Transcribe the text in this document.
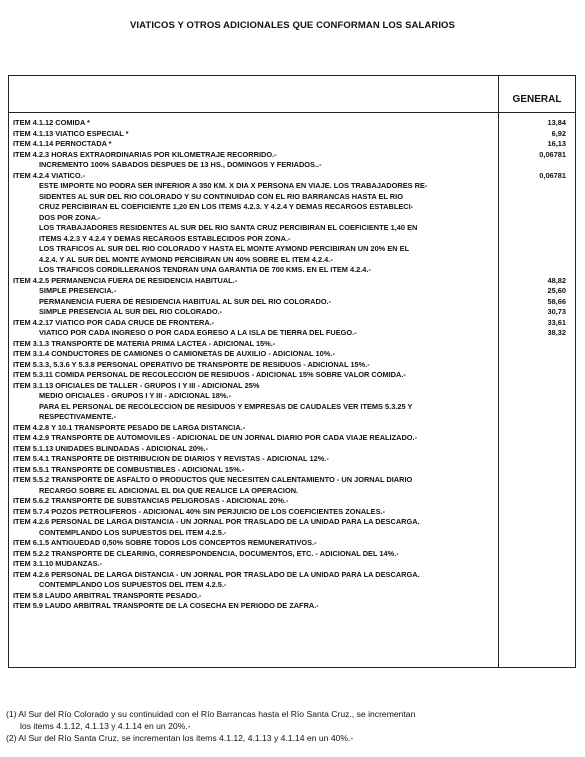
VIATICOS Y OTROS ADICIONALES QUE CONFORMAN LOS SALARIOS
GENERAL
ITEM 4.1.12 COMIDA *	13,84
ITEM 4.1.13 VIATICO ESPECIAL *	6,92
ITEM 4.1.14 PERNOCTADA *	16,13
ITEM 4.2.3 HORAS EXTRAORDINARIAS POR KILOMETRAJE RECORRIDO.-	0,06781
INCREMENTO 100% SABADOS DESPUES DE 13 HS., DOMINGOS Y FERIADOS..-
ITEM 4.2.4 VIATICO.-	0,06781
ESTE IMPORTE NO PODRA SER INFERIOR A 350 KM. X DIA X PERSONA EN VIAJE. LOS TRABAJADORES RE-
SIDENTES AL SUR DEL RIO COLORADO Y SU CONTINUIDAD CON EL RIO BARRANCAS HASTA EL RIO
CRUZ PERCIBIRAN EL COEFICIENTE 1,20 EN LOS ITEMS 4.2.3. Y 4.2.4 Y DEMAS RECARGOS ESTABLECI-
DOS POR ZONA.-
LOS TRABAJADORES RESIDENTES AL SUR DEL RIO SANTA CRUZ PERCIBIRAN EL COEFICIENTE 1,40 EN
ITEMS 4.2.3 Y 4.2.4 Y DEMAS RECARGOS ESTABLECIDOS POR ZONA.-
LOS TRAFICOS AL SUR DEL RIO COLORADO Y HASTA EL MONTE AYMOND PERCIBIRAN UN 20% EN EL
4.2.4. Y AL SUR DEL MONTE AYMOND PERCIBIRAN UN 40% SOBRE EL ITEM 4.2.4.-
LOS TRAFICOS CORDILLERANOS TENDRAN UNA GARANTIA DE 700 KMS. EN EL ITEM 4.2.4.-
ITEM 4.2.5 PERMANENCIA FUERA DE RESIDENCIA HABITUAL.-	48,82
SIMPLE PRESENCIA.-	25,60
PERMANENCIA FUERA DE RESIDENCIA HABITUAL AL SUR DEL RIO COLORADO.-	58,66
SIMPLE PRESENCIA AL SUR DEL RIO COLORADO.-	30,73
ITEM 4.2.17 VIATICO POR CADA CRUCE DE FRONTERA.-	33,61
VIATICO POR CADA INGRESO O POR CADA EGRESO A LA ISLA DE TIERRA DEL FUEGO.-	38,32
ITEM 3.1.3 TRANSPORTE DE MATERIA PRIMA LACTEA - ADICIONAL 15%.-
ITEM 3.1.4 CONDUCTORES DE CAMIONES O CAMIONETAS DE AUXILIO - ADICIONAL 10%.-
ITEM 5.3.3, 5.3.6 Y 5.3.8 PERSONAL OPERATIVO DE TRANSPORTE DE RESIDUOS - ADICIONAL 15%.-
ITEM 5.3.11 COMIDA PERSONAL DE RECOLECCION DE RESIDUOS - ADICIONAL 15% SOBRE VALOR COMIDA.-
ITEM 3.1.13 OFICIALES DE TALLER - GRUPOS I Y III - ADICIONAL 25%
MEDIO OFICIALES - GRUPOS I Y III - ADICIONAL 18%.-
PARA EL PERSONAL DE RECOLECCION DE RESIDUOS Y EMPRESAS DE CAUDALES VER ITEMS 5.3.25 Y
RESPECTIVAMENTE.-
ITEM 4.2.8 Y 10.1 TRANSPORTE PESADO DE LARGA DISTANCIA.-
ITEM 4.2.9 TRANSPORTE DE AUTOMOVILES - ADICIONAL DE UN JORNAL DIARIO POR CADA VIAJE REALIZADO.-
ITEM 5.1.13 UNIDADES BLINDADAS - ADICIONAL 20%.-
ITEM 5.4.1 TRANSPORTE DE DISTRIBUCION DE DIARIOS Y REVISTAS - ADICIONAL 12%.-
ITEM 5.5.1 TRANSPORTE DE COMBUSTIBLES - ADICIONAL 15%.-
ITEM 5.5.2 TRANSPORTE DE ASFALTO O PRODUCTOS QUE NECESITEN CALENTAMIENTO - UN JORNAL DIARIO
RECARGO SOBRE EL ADICIONAL EL DIA QUE REALICE LA OPERACION.
ITEM 5.6.2 TRANSPORTE DE SUBSTANCIAS PELIGROSAS - ADICIONAL 20%.-
ITEM 5.7.4 POZOS PETROLIFEROS - ADICIONAL 40% SIN PERJUICIO DE LOS COEFICIENTES ZONALES.-
ITEM 4.2.6 PERSONAL DE LARGA DISTANCIA - UN JORNAL POR TRASLADO DE LA UNIDAD PARA LA DESCARGA.
CONTEMPLANDO LOS SUPUESTOS DEL ITEM 4.2.5.-
ITEM 6.1.5 ANTIGUEDAD 0,50% SOBRE TODOS LOS CONCEPTOS REMUNERATIVOS.-
ITEM 5.2.2 TRANSPORTE DE CLEARING, CORRESPONDENCIA, DOCUMENTOS, ETC. - ADICIONAL DEL 14%.-
ITEM 3.1.10 MUDANZAS.-
ITEM 4.2.6 PERSONAL DE LARGA DISTANCIA - UN JORNAL POR TRASLADO DE LA UNIDAD PARA LA DESCARGA.
CONTEMPLANDO LOS SUPUESTOS DEL ITEM 4.2.5.-
ITEM 5.8 LAUDO ARBITRAL TRANSPORTE PESADO.-
ITEM 5.9 LAUDO ARBITRAL TRANSPORTE DE LA COSECHA EN PERIODO DE ZAFRA.-
(1) Al Sur del Río Colorado y su continuidad con el Río Barrancas hasta el Río Santa Cruz., se incrementan
los items 4.1.12, 4.1.13 y 4.1.14 en un 20%.-
(2) Al Sur del Río Santa Cruz, se incrementan los items 4.1.12, 4.1.13 y 4.1.14 en un 40%.-
